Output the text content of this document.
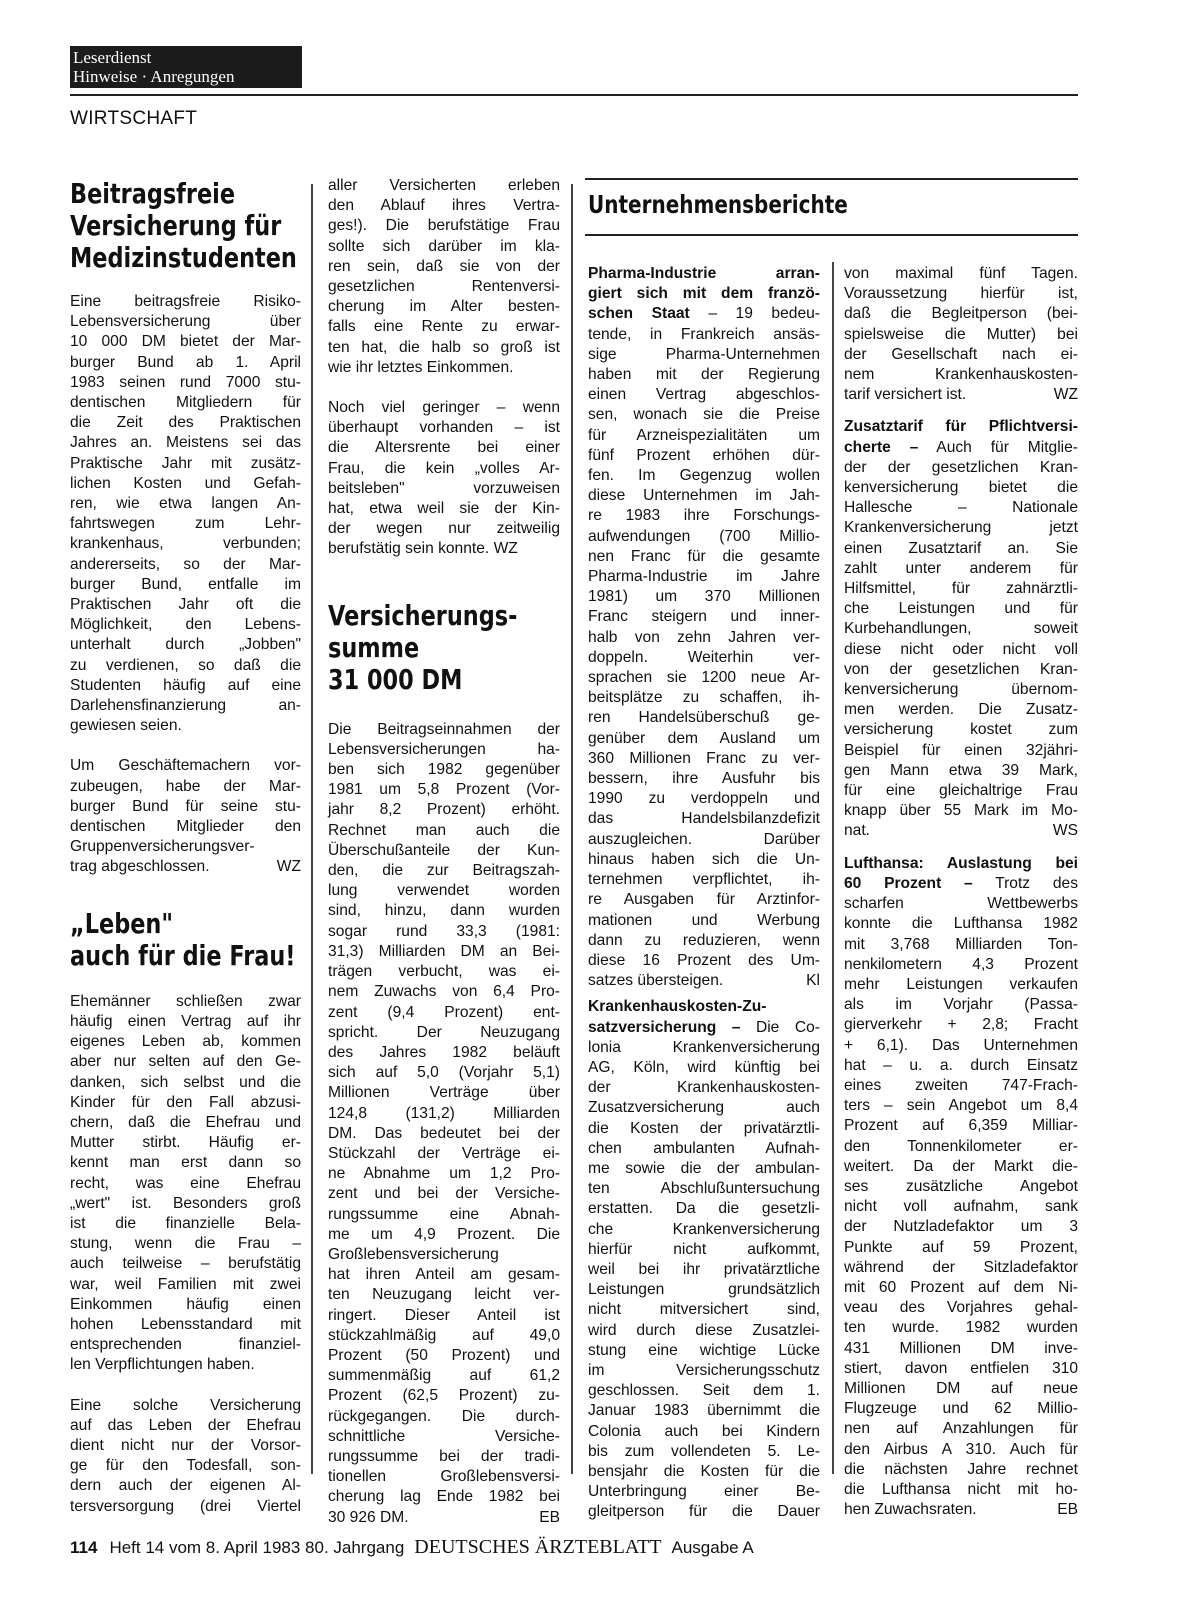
Leserdienst
Hinweise · Anregungen
WIRTSCHAFT
Beitragsfreie
Versicherung für
Medizinstudenten
Eine beitragsfreie Risiko-
Lebensversicherung über
10 000 DM bietet der Mar-
burger Bund ab 1. April
1983 seinen rund 7000 stu-
dentischen Mitgliedern für
die Zeit des Praktischen
Jahres an. Meistens sei das
Praktische Jahr mit zusätz-
lichen Kosten und Gefah-
ren, wie etwa langen An-
fahrtswegen zum Lehr-
krankenhaus, verbunden;
andererseits, so der Mar-
burger Bund, entfalle im
Praktischen Jahr oft die
Möglichkeit, den Lebens-
unterhalt durch „Jobben"
zu verdienen, so daß die
Studenten häufig auf eine
Darlehensfinanzierung an-
gewiesen seien.
Um Geschäftemachern vor-
zubeugen, habe der Mar-
burger Bund für seine stu-
dentischen Mitglieder den
Gruppenversicherungsver-
trag abgeschlossen.	WZ
„Leben"
auch für die Frau!
Ehemänner schließen zwar
häufig einen Vertrag auf ihr
eigenes Leben ab, kommen
aber nur selten auf den Ge-
danken, sich selbst und die
Kinder für den Fall abzusi-
chern, daß die Ehefrau und
Mutter stirbt. Häufig er-
kennt man erst dann so
recht, was eine Ehefrau
„wert" ist. Besonders groß
ist die finanzielle Bela-
stung, wenn die Frau –
auch teilweise – berufstätig
war, weil Familien mit zwei
Einkommen häufig einen
hohen Lebensstandard mit
entsprechenden finanziel-
len Verpflichtungen haben.
Eine solche Versicherung
auf das Leben der Ehefrau
dient nicht nur der Vorsor-
ge für den Todesfall, son-
dern auch der eigenen Al-
tersversorgung (drei Viertel
aller Versicherten erleben
den Ablauf ihres Vertra-
ges!). Die berufstätige Frau
sollte sich darüber im kla-
ren sein, daß sie von der
gesetzlichen Rentenversi-
cherung im Alter besten-
falls eine Rente zu erwar-
ten hat, die halb so groß ist
wie ihr letztes Einkommen.
Noch viel geringer – wenn
überhaupt vorhanden – ist
die Altersrente bei einer
Frau, die kein „volles Ar-
beitsleben" vorzuweisen
hat, etwa weil sie der Kin-
der wegen nur zeitweilig
berufstätig sein konnte. WZ
Versicherungs-
summe
31 000 DM
Die Beitragseinnahmen der
Lebensversicherungen ha-
ben sich 1982 gegenüber
1981 um 5,8 Prozent (Vor-
jahr 8,2 Prozent) erhöht.
Rechnet man auch die
Überschußanteile der Kun-
den, die zur Beitragszah-
lung verwendet worden
sind, hinzu, dann wurden
sogar rund 33,3 (1981:
31,3) Milliarden DM an Bei-
trägen verbucht, was ei-
nem Zuwachs von 6,4 Pro-
zent (9,4 Prozent) ent-
spricht. Der Neuzugang
des Jahres 1982 beläuft
sich auf 5,0 (Vorjahr 5,1)
Millionen Verträge über
124,8 (131,2) Milliarden
DM. Das bedeutet bei der
Stückzahl der Verträge ei-
ne Abnahme um 1,2 Pro-
zent und bei der Versiche-
rungssumme eine Abnah-
me um 4,9 Prozent. Die
Großlebensversicherung
hat ihren Anteil am gesam-
ten Neuzugang leicht ver-
ringert. Dieser Anteil ist
stückzahlmäßig auf 49,0
Prozent (50 Prozent) und
summenmäßig auf 61,2
Prozent (62,5 Prozent) zu-
rückgegangen. Die durch-
schnittliche Versiche-
rungssumme bei der tradi-
tionellen Großlebensversi-
cherung lag Ende 1982 bei
30 926 DM.	EB
Unternehmensberichte
Pharma-Industrie arran-
giert sich mit dem franzö-
schen Staat – 19 bedeu-
tende, in Frankreich ansäs-
sige Pharma-Unternehmen
haben mit der Regierung
einen Vertrag abgeschlos-
sen, wonach sie die Preise
für Arzneispezialitäten um
fünf Prozent erhöhen dür-
fen. Im Gegenzug wollen
diese Unternehmen im Jah-
re 1983 ihre Forschungs-
aufwendungen (700 Millio-
nen Franc für die gesamte
Pharma-Industrie im Jahre
1981) um 370 Millionen
Franc steigern und inner-
halb von zehn Jahren ver-
doppeln. Weiterhin ver-
sprachen sie 1200 neue Ar-
beitsplätze zu schaffen, ih-
ren Handelsüberschuß ge-
genüber dem Ausland um
360 Millionen Franc zu ver-
bessern, ihre Ausfuhr bis
1990 zu verdoppeln und
das Handelsbilanzdefizit
auszugleichen. Darüber
hinaus haben sich die Un-
ternehmen verpflichtet, ih-
re Ausgaben für Arztinfor-
mationen und Werbung
dann zu reduzieren, wenn
diese 16 Prozent des Um-
satzes übersteigen.	Kl
Krankenhauskosten-Zu-
satzversicherung – Die Co-
lonia Krankenversicherung
AG, Köln, wird künftig bei
der Krankenhauskosten-
Zusatzversicherung auch
die Kosten der privatärztli-
chen ambulanten Aufnah-
me sowie die der ambulan-
ten Abschlußuntersuchung
erstatten. Da die gesetzli-
che Krankenversicherung
hierfür nicht aufkommt,
weil bei ihr privatärztliche
Leistungen grundsätzlich
nicht mitversichert sind,
wird durch diese Zusatzlei-
stung eine wichtige Lücke
im Versicherungsschutz
geschlossen. Seit dem 1.
Januar 1983 übernimmt die
Colonia auch bei Kindern
bis zum vollendeten 5. Le-
bensjahr die Kosten für die
Unterbringung einer Be-
gleitperson für die Dauer
von maximal fünf Tagen.
Voraussetzung hierfür ist,
daß die Begleitperson (bei-
spielsweise die Mutter) bei
der Gesellschaft nach ei-
nem Krankenhauskosten-
tarif versichert ist.	WZ
Zusatztarif für Pflichtversi-
cherte – Auch für Mitglie-
der der gesetzlichen Kran-
kenversicherung bietet die
Hallesche – Nationale
Krankenversicherung jetzt
einen Zusatztarif an. Sie
zahlt unter anderem für
Hilfsmittel, für zahnärztli-
che Leistungen und für
Kurbehandlungen, soweit
diese nicht oder nicht voll
von der gesetzlichen Kran-
kenversicherung übernom-
men werden. Die Zusatz-
versicherung kostet zum
Beispiel für einen 32jähri-
gen Mann etwa 39 Mark,
für eine gleichaltrige Frau
knapp über 55 Mark im Mo-
nat.	WS
Lufthansa: Auslastung bei
60 Prozent – Trotz des
scharfen Wettbewerbs
konnte die Lufthansa 1982
mit 3,768 Milliarden Ton-
nenkilometern 4,3 Prozent
mehr Leistungen verkaufen
als im Vorjahr (Passa-
gierverkehr + 2,8; Fracht
+ 6,1). Das Unternehmen
hat – u. a. durch Einsatz
eines zweiten 747-Frach-
ters – sein Angebot um 8,4
Prozent auf 6,359 Milliar-
den Tonnenkilometer er-
weitert. Da der Markt die-
ses zusätzliche Angebot
nicht voll aufnahm, sank
der Nutzladefaktor um 3
Punkte auf 59 Prozent,
während der Sitzladefaktor
mit 60 Prozent auf dem Ni-
veau des Vorjahres gehal-
ten wurde. 1982 wurden
431 Millionen DM inve-
stiert, davon entfielen 310
Millionen DM auf neue
Flugzeuge und 62 Millio-
nen auf Anzahlungen für
den Airbus A 310. Auch für
die nächsten Jahre rechnet
die Lufthansa nicht mit ho-
hen Zuwachsraten.	EB
114 Heft 14 vom 8. April 1983 80. Jahrgang DEUTSCHES ÄRZTEBLATT Ausgabe A
